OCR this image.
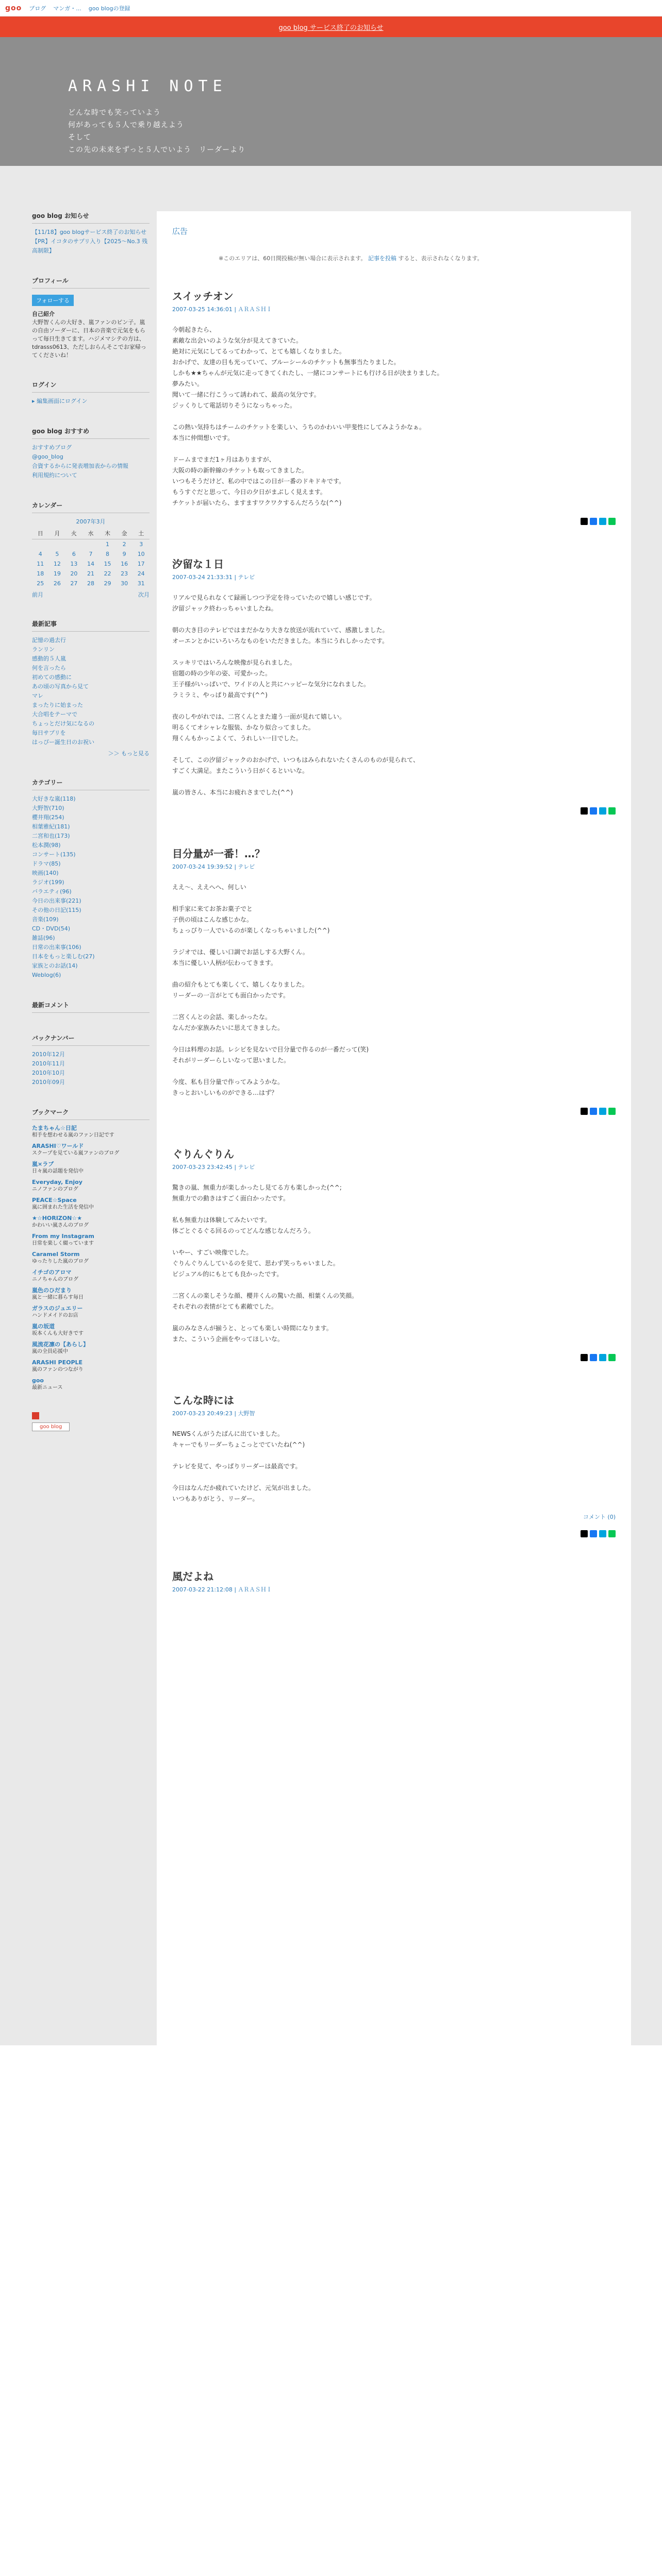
goo ブログ マンガ・... goo blogの登録
goo blog サービス終了のお知らせ
ARASHI NOTE
どんな時でも笑っていよう
何があっても５人で乗り越えよう
そして
この先の未来をずっと５人でいよう　リーダーより
goo blog お知らせ
【11/18】goo blogサービス終了のお知らせ
【PR】イコタのサプリ入り【2025～No.3 残高制限】
プロフィール
フォローする
自己紹介
大野智くんの大好き、嵐ファンのピン子。嵐の自由ソーダーに、日本の音楽で元気をもらって毎日生きてます。ハジメマシテの方は、tdrasss0613、ただしおらんそこでお家帰ってくださいね！
ログイン
▸ 編集画面にログイン
goo blog おすすめ
おすすめブログ
@goo_blog
合資するからに発表増加表からの情報
利用規約について
カレンダー
2007年3月
日	月	火	水	木	金	土
				1	2	3
4	5	6	7	8	9	10
11	12	13	14	15	16	17
18	19	20	21	22	23	24
25	26	27	28	29	30	31
前月	次月
最新記事
記憶の過去行
ランリン
感動的５人嵐
何を言ったら
初めての感動に
あの頃の写真から見て
マレ
まったりに始まった
大合唱をテーマで
ちょっとだけ気になるの
毎日サプリを
はっぴー誕生日のお祝い
＞＞ もっと見る
カテゴリー
大好きな嵐(118)
大野智(710)
櫻井翔(254)
相葉雅紀(181)
二宮和也(173)
松本潤(98)
コンサート(135)
ドラマ(85)
映画(140)
ラジオ(199)
バラエティ(96)
今日の出来事(221)
その他の日記(115)
音楽(109)
CD・DVD(54)
雑誌(96)
日常の出来事(106)
日本をもっと楽しむ(27)
家族とのお話(14)
Weblog(6)
最新コメント
バックナンバー
2010年12月
2010年11月
2010年10月
2010年09月
ブックマーク
たまちゃん☆日記
相手を想わせる嵐のファン日記です
ARASHI♡ワールド
スクープを見ている嵐ファンのブログ
嵐×ラブ
日々嵐の話題を発信中
Everyday, Enjoy
ニノファンのブログ
PEACE☆Space
嵐に囲まれた生活を発信中
★☆HORIZON☆★
かわいい嵐さんのブログ
From my Instagram
日常を楽しく綴っています
Caramel Storm
ゆったりした嵐のブログ
イチゴのアロマ
ニノちゃんのブログ
嵐色のひだまり
嵐と一緒に暮らす毎日
ガラスのジュエリー
ハンドメイドのお店
嵐の坂道
坂本くんも大好きです
風流花凛の【あらし】
嵐の全員応援中
ARASHI PEOPLE
嵐のファンのつながり
goo
最新ニュース
goo blog
広告
※このエリアは、60日間投稿が無い場合に表示されます。 記事を投稿 すると、表示されなくなります。
スイッチオン
2007-03-25 14:36:01 | ＡＲＡＳＨＩ
今朝起きたら、
素敵な出会いのような気分が見えてきていた。
絶対に元気にしてるってわかって、とても嬉しくなりました。
おかげで、友達の目も光っていて、ブルーシールのチケットも無事当たりました。
しかも★★ちゃんが元気に走ってきてくれたし、一緒にコンサートにも行ける日が決まりました。
夢みたい。
聞いて一緒に行こうって誘われて、最高の気分です。
ジッくりして電話切りそうになっちゃった。
この熱い気持ちはチームのチケットを楽しい、うちのかわいい甲斐性にしてみようかなぁ。
本当に仲間想いです。
ドームまでまだ1ヶ月はありますが、
大阪の時の新幹線のチケットも取ってきました。
いつもそうだけど、私の中ではこの日が一番のドキドキです。
もうすぐだと思って、今日の夕日がまぶしく見えます。
チケットが届いたら、ますますワクワクするんだろうな(^^)
汐留な１日
2007-03-24 21:33:31 | テレビ
リアルで見られなくて録画しつつ予定を待っていたので嬉しい感じです。
汐留ジャック終わっちゃいましたね。
朝の大き目のテレビではまだかなり大きな放送が流れていて、感激しました。
オーエンとかにいろいろなものをいただきました。本当にうれしかったです。
スッキリではいろんな映像が見られました。
宿題の時の少年の姿、可愛かった。
王子様がいっぱいで、ワイドの人と共にハッピーな気分になれました。
ラミラミ、やっぱり最高です(^^)
夜のしやがれでは、二宮くんとまた違う一面が見れて嬉しい。
明るくてオシャレな服装、かなり似合ってました。
翔くんもかっこよくて、うれしい一日でした。
そして、この汐留ジャックのおかげで、いつもはみられないたくさんのものが見られて、
すごく大満足。またこういう日がくるといいな。
嵐の皆さん、本当にお疲れさまでした(^^)
目分量が一番！…？
2007-03-24 19:39:52 | テレビ
ええ～、ええへへ、何しい
相手家に来てお茶お菓子でと
子供の頃はこんな感じかな。
ちょっぴり一人でいるのが楽しくなっちゃいました(^^)
ラジオでは、優しい口調でお話しする大野くん。
本当に優しい人柄が伝わってきます。
曲の紹介もとても楽しくて、嬉しくなりました。
リーダーの一言がとても面白かったです。
二宮くんとの会話、楽しかったな。
なんだか家族みたいに思えてきました。
今日は料理のお話。レシピを見ないで目分量で作るのが一番だって(笑)
それがリーダーらしいなって思いました。
今度、私も目分量で作ってみようかな。
きっとおいしいものができる…はず？
ぐりんぐりん
2007-03-23 23:42:45 | テレビ
驚きの嵐、無重力が楽しかったし見てる方も楽しかった(^^;
無重力での動きはすごく面白かったです。
私も無重力は体験してみたいです。
体ごとぐるぐる回るのってどんな感じなんだろう。
いやー、すごい映像でした。
ぐりんぐりんしているのを見て、思わず笑っちゃいました。
ビジュアル的にもとても良かったです。
二宮くんの楽しそうな顔、櫻井くんの驚いた顔、相葉くんの笑顔。
それぞれの表情がとても素敵でした。
嵐のみなさんが揃うと、とっても楽しい時間になります。
また、こういう企画をやってほしいな。
こんな時には
2007-03-23 20:49:23 | 大野智
NEWSくんがうたばんに出ていました。
キャーでもリーダーちょこっとでていたね(^^)
テレビを見て、やっぱりリーダーは最高です。
今日はなんだか疲れていたけど、元気が出ました。
いつもありがとう、リーダー。
コメント (0)
風だよね
2007-03-22 21:12:08 | ＡＲＡＳＨＩ
